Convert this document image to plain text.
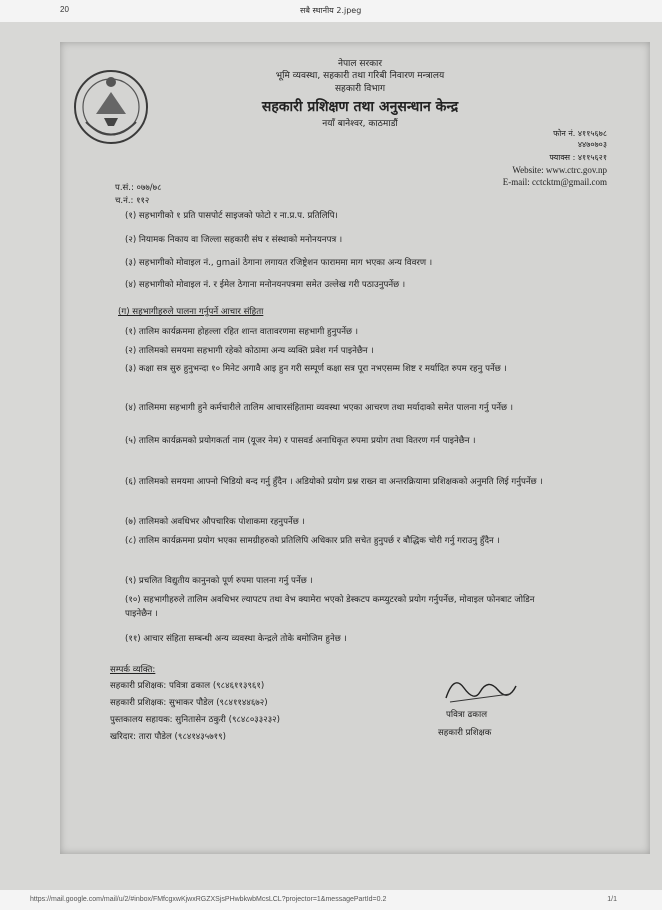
20	सबै स्थानीय 2.jpeg
नेपाल सरकार
भूमि व्यवस्था, सहकारी तथा गरिबी निवारण मन्त्रालय
सहकारी विभाग
सहकारी प्रशिक्षण तथा अनुसन्धान केन्द्र
नयाँ बानेश्वर, काठमाडौं
फोन नं. ४११५६७८
४४७०७०३
फ्याक्स : ४११५६२१
Website: www.ctrc.gov.np
E-mail: cctcktm@gmail.com
प.सं.: ०७७/७८
च.नं.: ११२
(१) सहभागीको १ प्रति पासपोर्ट साइजको फोटो र ना.प्र.प. प्रतिलिपि।
(२) नियामक निकाय वा जिल्ला सहकारी संघ र संस्थाको मनोनयनपत्र ।
(३) सहभागीको मोवाइल नं., gmail ठेगाना लगायत रजिष्ट्रेशन फाराममा माग भएका अन्य विवरण ।
(४) सहभागीको मोवाइल नं. र ईमेल ठेगाना मनोनयनपत्रमा समेत उल्लेख गरी पठाउनुपर्नेछ ।
(ग) सहभागीहरुले पालना गर्नुपर्ने आचार संहिता
(१) तालिम कार्यक्रममा होहल्ला रहित शान्त वातावरणमा सहभागी हुनुपर्नेछ ।
(२) तालिमको समयमा सहभागी रहेको कोठामा अन्य व्यक्ति प्रवेश गर्न पाइनेछैन ।
(३) कक्षा सत्र सुरु हुनुभन्दा १० मिनेट अगावै आइ हुन गरी सम्पूर्ण कक्षा सत्र पूरा नभएसम्म शिष्ट र मर्यादित रुपम रहनु पर्नेछ ।
(४) तालिममा सहभागी हुने कर्मचारीले तालिम आचारसंहितामा व्यवस्था भएका आचरण तथा मर्यादाको समेत पालना गर्नु पर्नेछ ।
(५) तालिम कार्यक्रमको प्रयोगकर्ता नाम (यूजर नेम) र पासवर्ड अनाधिकृत रुपमा प्रयोग तथा वितरण गर्न पाइनेछैन ।
(६) तालिमको समयमा आफ्नो भिडियो बन्द गर्नु हुँदैन । अडियोको प्रयोग प्रश्न राख्न वा अन्तरक्रियामा प्रशिक्षकको अनुमति लिई गर्नुपर्नेछ ।
(७) तालिमको अवधिभर औपचारिक पोशाकमा रहनुपर्नेछ ।
(८) तालिम कार्यक्रममा प्रयोग भएका सामग्रीहरुको प्रतिलिपि अधिकार प्रति सचेत हुनुपर्छ र बौद्धिक चोरी गर्नु गराउनु हुँदैन ।
(९) प्रचलित विद्युतीय कानुनको पूर्ण रुपमा पालना गर्नु पर्नेछ ।
(१०) सहभागीहरुले तालिम अवधिभर ल्यापटप तथा वेभ क्यामेरा भएको डेस्कटप कम्प्युटरको प्रयोग गर्नुपर्नेछ, मोवाइल फोनबाट जोडिन पाइनेछैन ।
(११) आचार संहिता सम्बन्धी अन्य व्यवस्था केन्द्रले तोके बमोजिम हुनेछ ।
सम्पर्क व्यक्ति:
सहकारी प्रशिक्षक: पवित्रा ढकाल (९८४६११३९६१)
सहकारी प्रशिक्षक: सुभाकर पौडेल (९८४११४४६७२)
पुस्तकालय सहायक: सुनितासेन ठकुरी (९८४८०३३२३२)
खरिदार: तारा पौडेल (९८४१४३५७१९)
पवित्रा ढकाल
सहकारी प्रशिक्षक
https://mail.google.com/mail/u/2/#inbox/FMfcgxwKjwxRGZXSjsPHwbkwbMcsLCL?projector=1&messagePartId=0.2	1/1
